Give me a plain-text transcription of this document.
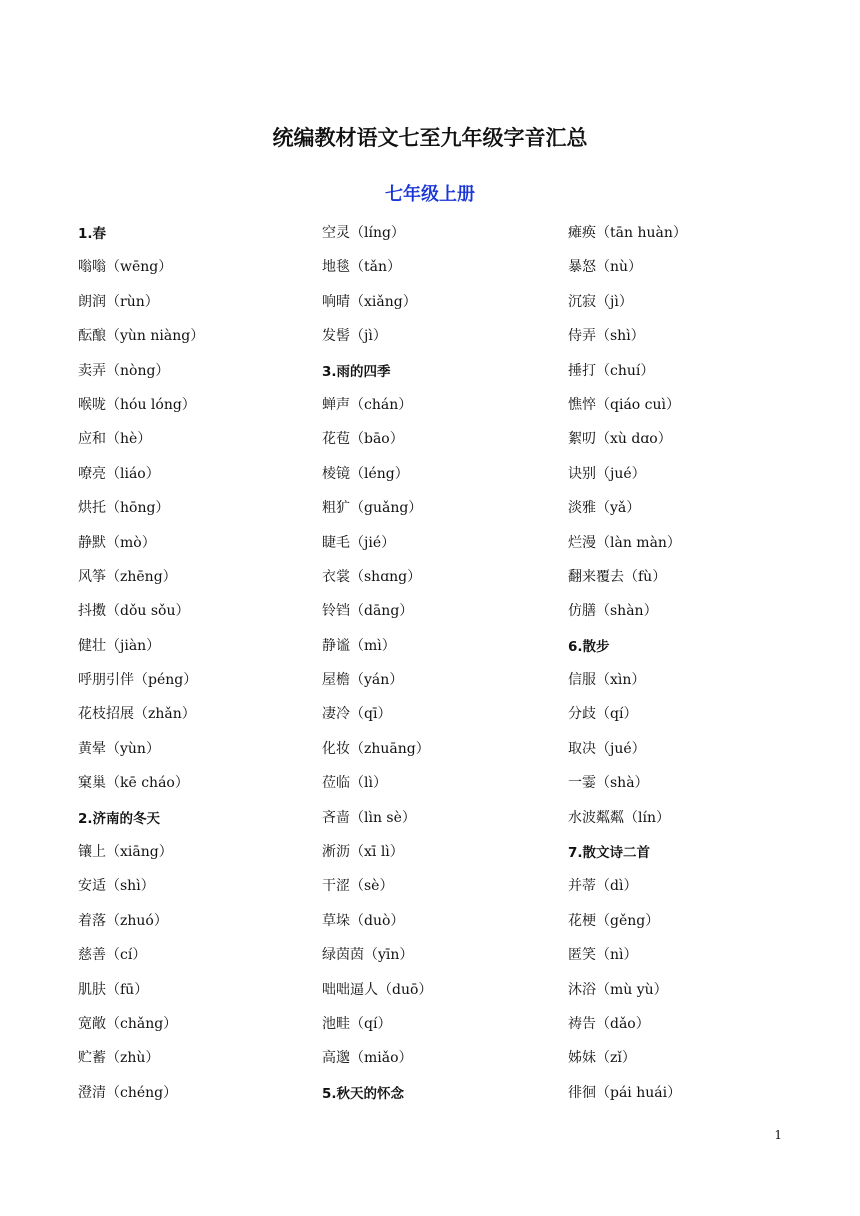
统编教材语文七至九年级字音汇总
七年级上册
1.春
嗡嗡（wēng）
朗润（rùn）
酝酿（yùn niàng）
卖弄（nòng）
喉咙（hóu lóng）
应和（hè）
嘹亮（liáo）
烘托（hōng）
静默（mò）
风筝（zhēng）
抖擞（dǒu sǒu）
健壮（jiàn）
呼朋引伴（péng）
花枝招展（zhǎn）
黄晕（yùn）
窠巢（kē cháo）
2.济南的冬天
镶上（xiāng）
安适（shì）
着落（zhuó）
慈善（cí）
肌肤（fū）
宽敞（chǎng）
贮蓄（zhù）
澄清（chéng）
空灵（líng）
地毯（tǎn）
响晴（xiǎng）
发髻（jì）
3.雨的四季
蝉声（chán）
花苞（bāo）
棱镜（léng）
粗犷（guǎng）
睫毛（jié）
衣裳（shɑng）
铃铛（dāng）
静谧（mì）
屋檐（yán）
凄冷（qī）
化妆（zhuāng）
莅临（lì）
吝啬（lìn sè）
淅沥（xī lì）
干涩（sè）
草垛（duò）
绿茵茵（yīn）
咄咄逼人（duō）
池畦（qí）
高邈（miǎo）
5.秋天的怀念
瘫痪（tān huàn）
暴怒（nù）
沉寂（jì）
侍弄（shì）
捶打（chuí）
憔悴（qiáo cuì）
絮叨（xù dɑo）
诀别（jué）
淡雅（yǎ）
烂漫（làn màn）
翻来覆去（fù）
仿膳（shàn）
6.散步
信服（xìn）
分歧（qí）
取决（jué）
一霎（shà）
水波粼粼（lín）
7.散文诗二首
并蒂（dì）
花梗（gěng）
匿笑（nì）
沐浴（mù yù）
祷告（dǎo）
姊妹（zǐ）
徘徊（pái huái）
1
